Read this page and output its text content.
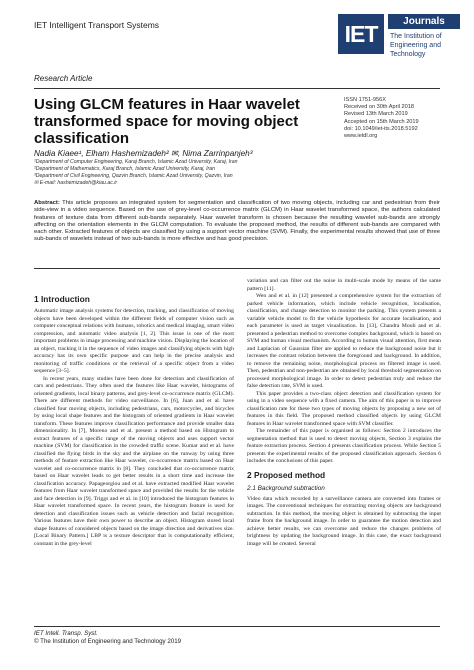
IET Intelligent Transport Systems
Research Article
IET	Journals
The Institution of
Engineering and Technology
Using GLCM features in Haar wavelet transformed space for moving object classification
ISSN 1751-956X
Received on 30th April 2018
Revised 13th March 2019
Accepted on 15th March 2019
doi: 10.1049/iet-its.2018.5192
www.ietdl.org
Nadia Kiaee¹, Elham Hashemizadeh² ✉, Nima Zarrinpanjeh³
¹Department of Computer Engineering, Karaj Branch, Islamic Azad University, Karaj, Iran
²Department of Mathematics, Karaj Branch, Islamic Azad University, Karaj, Iran
³Department of Civil Engineering, Qazvin Branch, Islamic Azad University, Qazvin, Iran
✉ E-mail: hashemizadeh@kiau.ac.ir
Abstract: This article proposes an integrated system for segmentation and classification of two moving objects, including car and pedestrian from their side-view in a video sequence. Based on the use of grey-level co-occurrence matrix (GLCM) in Haar wavelet transformed space, the authors calculated features of texture data from different sub-bands separately. Haar wavelet transform is chosen because the resulting wavelet sub-bands are strongly affecting on the orientation elements in the GLCM computation. To evaluate the proposed method, the results of different sub-bands are compared with each other. Extracted features of objects are classified by using a support vector machine (SVM). Finally, the experimental results showed that use of three sub-bands of wavelets instead of two sub-bands is more effective and has good precision.
1 Introduction

Automatic image analysis systems for detection, tracking, and classification of moving objects have been developed within the different fields of computer vision such as computer conceptual relations with humans, robotics and medical imaging, smart video compression, and automatic video analysis [1, 2]. This issue is one of the most important problems in image processing and machine vision. Displaying the location of an object, tracking it in the sequence of video images and classifying objects with high accuracy has its own specific purpose and can help in the precise analysis and monitoring of traffic conditions or the retrieval of a specific object from a video sequence [3–5].

In recent years, many studies have been done for detection and classification of cars and pedestrians. They often used the features like Haar wavelet, histograms of oriented gradients, local binary patterns, and grey-level co-occurrence matrix (GLCM). There are different methods for video surveillance. In [6], Juan and et al. have classified four moving objects, including pedestrians, cars, motorcycles, and bicycles by using local shape features and the histogram of oriented gradients in Haar wavelet transform. These features improve classification performance and provide smaller data dimensionality. In [7], Moreno and et al. present a method based on Histogram to extract features of a specific range of the moving objects and uses support vector machine (SVM) for classification in the crowded traffic scene. Kumar and et al. have classified the flying birds in the sky and the airplane on the runway by using three methods of feature extraction like Haar wavelet, co-occurrence matrix based on Haar wavelet and co-occurrence matrix in [8]. They concluded that co-occurrence matrix based on Haar wavelet leads to get better results in a short time and increase the classification accuracy. Papageorgiou and et al. have extracted modified Haar wavelet features from Haar wavelet transformed space and provided the results for the vehicle and face detection in [9]. Triggs and et al. in [10] introduced the histogram features in Haar wavelet transformed space. In recent years, the histogram feature is used for detection and classification issues such as vehicle detection and facial recognition. Various features have their own power to describe an object. Histogram stored local shape features of considered objects based on the image direction and derivatives size. [Local Binary Pattern.] LBP is a texture descriptor that is computationally efficient, constant in the grey-level

variation and can filter out the noise in multi-scale mode by means of the same pattern [11].

Wen and et al. in [12] presented a comprehensive system for the extraction of parked vehicle information, which include vehicle recognition, localisation, classification, and change detection to monitor the parking. This system presents a variable vehicle model to fit the vehicle hypothesis for accurate localisation, and each parameter is used as target visualisation. In [13], Chandra Mouli and et al. presented a pedestrian method to overcome complex background, which is based on SVM and human visual mechanism. According to human visual attention, first mean and Laplacian of Gaussian filter are applied to reduce the background noise but it increases the contrast relation between the foreground and background. In addition, to remove the remaining noise, morphological process on filtered image is used. Then, pedestrian and non-pedestrian are obtained by local threshold segmentation on processed morphological image. In order to detect pedestrian truly and reduce the false detection rate, SVM is used.

This paper provides a two-class object detection and classification system for using in a video sequence with a fixed camera. The aim of this paper is to improve classification rate for these two types of moving objects by proposing a new set of features in this field. The proposed method classified objects by using GLCM features in Haar wavelet transformed space with SVM classifier.

The remainder of this paper is organised as follows: Section 2 introduces the segmentation method that is used to detect moving objects, Section 3 explains the feature extraction process. Section 4 presents classification process. While Section 5 presents the experimental results of the proposed classification approach. Section 6 includes the conclusions of this paper.

2 Proposed method
2.1 Background subtraction

Video data which recorded by a surveillance camera are converted into frames or images. The conventional techniques for extracting moving objects are background subtraction. In this method, the moving object is obtained by subtracting the input frame from the background image. In order to guarantee the motion detection and achieve better results, we can overcome and reduce the changes problems of brightness by updating the background image. In this case, the exact background image will be created. Several

IET Intell. Transp. Syst.
© The Institution of Engineering and Technology 2019
